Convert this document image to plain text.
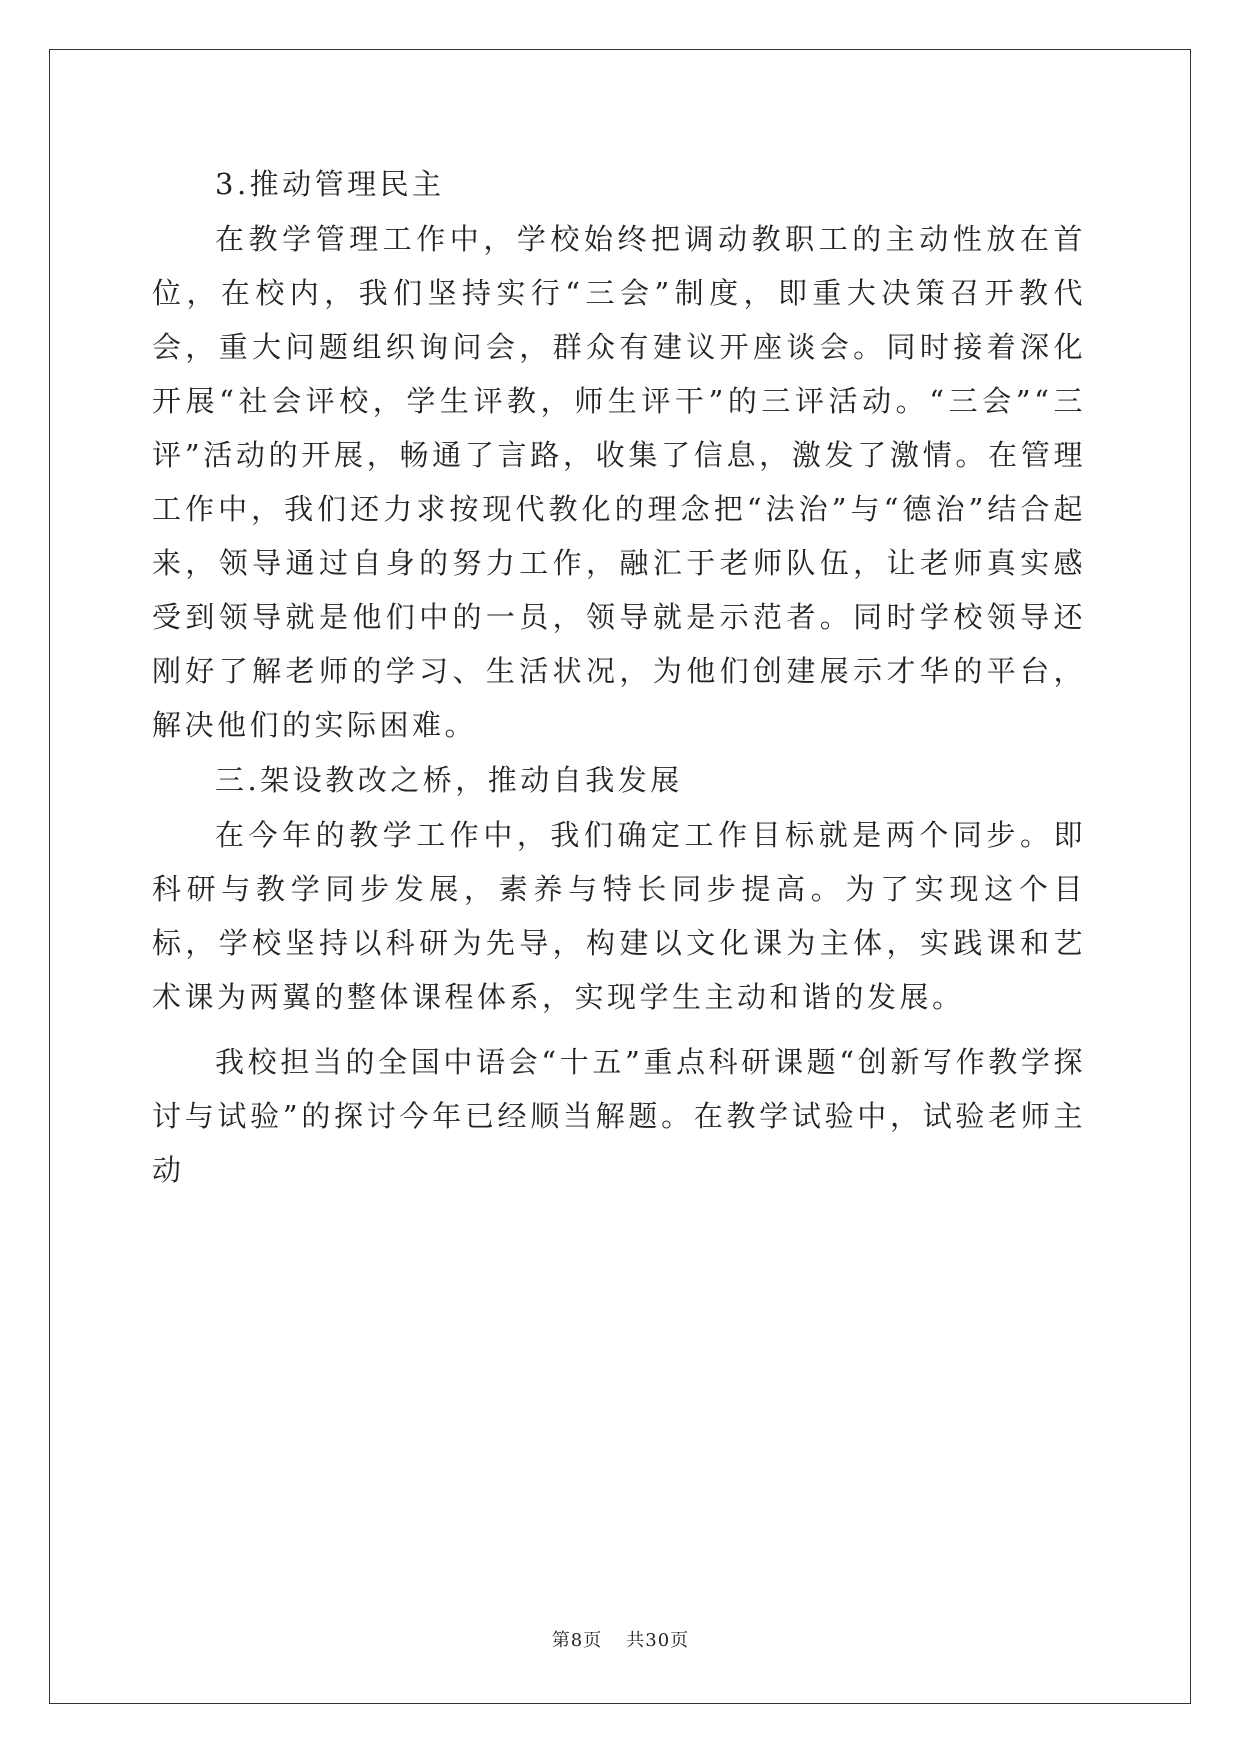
3.推动管理民主

在教学管理工作中，学校始终把调动教职工的主动性放在首位，在校内，我们坚持实行“三会”制度，即重大决策召开教代会，重大问题组织询问会，群众有建议开座谈会。同时接着深化开展“社会评校，学生评教，师生评干”的三评活动。“三会”“三评”活动的开展，畅通了言路，收集了信息，激发了激情。在管理工作中，我们还力求按现代教化的理念把“法治”与“德治”结合起来，领导通过自身的努力工作，融汇于老师队伍，让老师真实感受到领导就是他们中的一员，领导就是示范者。同时学校领导还刚好了解老师的学习、生活状况，为他们创建展示才华的平台，解决他们的实际困难。

三.架设教改之桥，推动自我发展

在今年的教学工作中，我们确定工作目标就是两个同步。即科研与教学同步发展，素养与特长同步提高。为了实现这个目标，学校坚持以科研为先导，构建以文化课为主体，实践课和艺术课为两翼的整体课程体系，实现学生主动和谐的发展。

我校担当的全国中语会“十五”重点科研课题“创新写作教学探讨与试验”的探讨今年已经顺当解题。在教学试验中，试验老师主动

第8页 共30页
